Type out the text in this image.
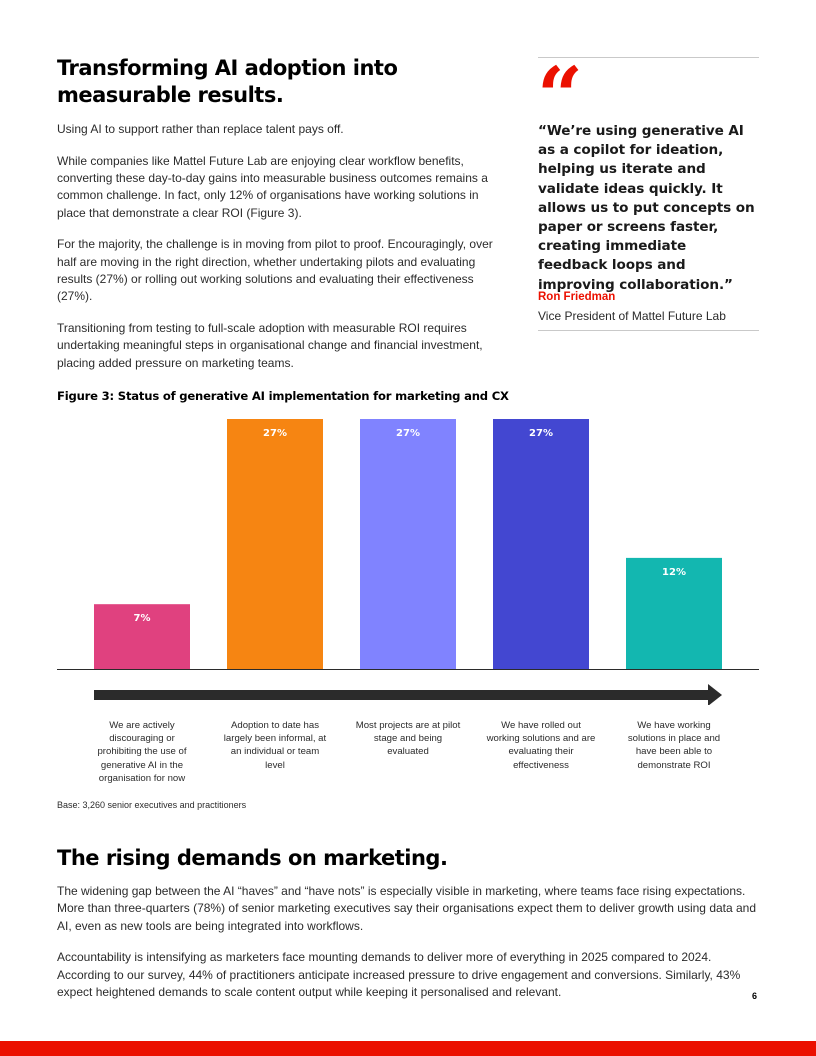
Transforming AI adoption into measurable results.

Using AI to support rather than replace talent pays off.

While companies like Mattel Future Lab are enjoying clear workflow benefits, converting these day-to-day gains into measurable business outcomes remains a common challenge. In fact, only 12% of organisations have working solutions in place that demonstrate a clear ROI (Figure 3).

For the majority, the challenge is in moving from pilot to proof. Encouragingly, over half are moving in the right direction, whether undertaking pilots and evaluating results (27%) or rolling out working solutions and evaluating their effectiveness (27%).

Transitioning from testing to full-scale adoption with measurable ROI requires undertaking meaningful steps in organisational change and financial investment, placing added pressure on marketing teams.

“
“We’re using generative AI as a copilot for ideation, helping us iterate and validate ideas quickly. It allows us to put concepts on paper or screens faster, creating immediate feedback loops and improving collaboration.”
Ron Friedman
Vice President of Mattel Future Lab
Figure 3: Status of generative AI implementation for marketing and CX
7%
27%	27%	27%
12%
We are actively discouraging or prohibiting the use of generative AI in the organisation for now
Adoption to date has largely been informal, at an individual or team level
Most projects are at pilot stage and being evaluated
We have rolled out working solutions and are evaluating their effectiveness
We have working solutions in place and have been able to demonstrate ROI
Base: 3,260 senior executives and practitioners
The rising demands on marketing.

The widening gap between the AI “haves” and “have nots” is especially visible in marketing, where teams face rising expectations. More than three-quarters (78%) of senior marketing executives say their organisations expect them to deliver growth using data and AI, even as new tools are being integrated into workflows.

Accountability is intensifying as marketers face mounting demands to deliver more of everything in 2025 compared to 2024. According to our survey, 44% of practitioners anticipate increased pressure to drive engagement and conversions. Similarly, 43% expect heightened demands to scale content output while keeping it personalised and relevant.	6
